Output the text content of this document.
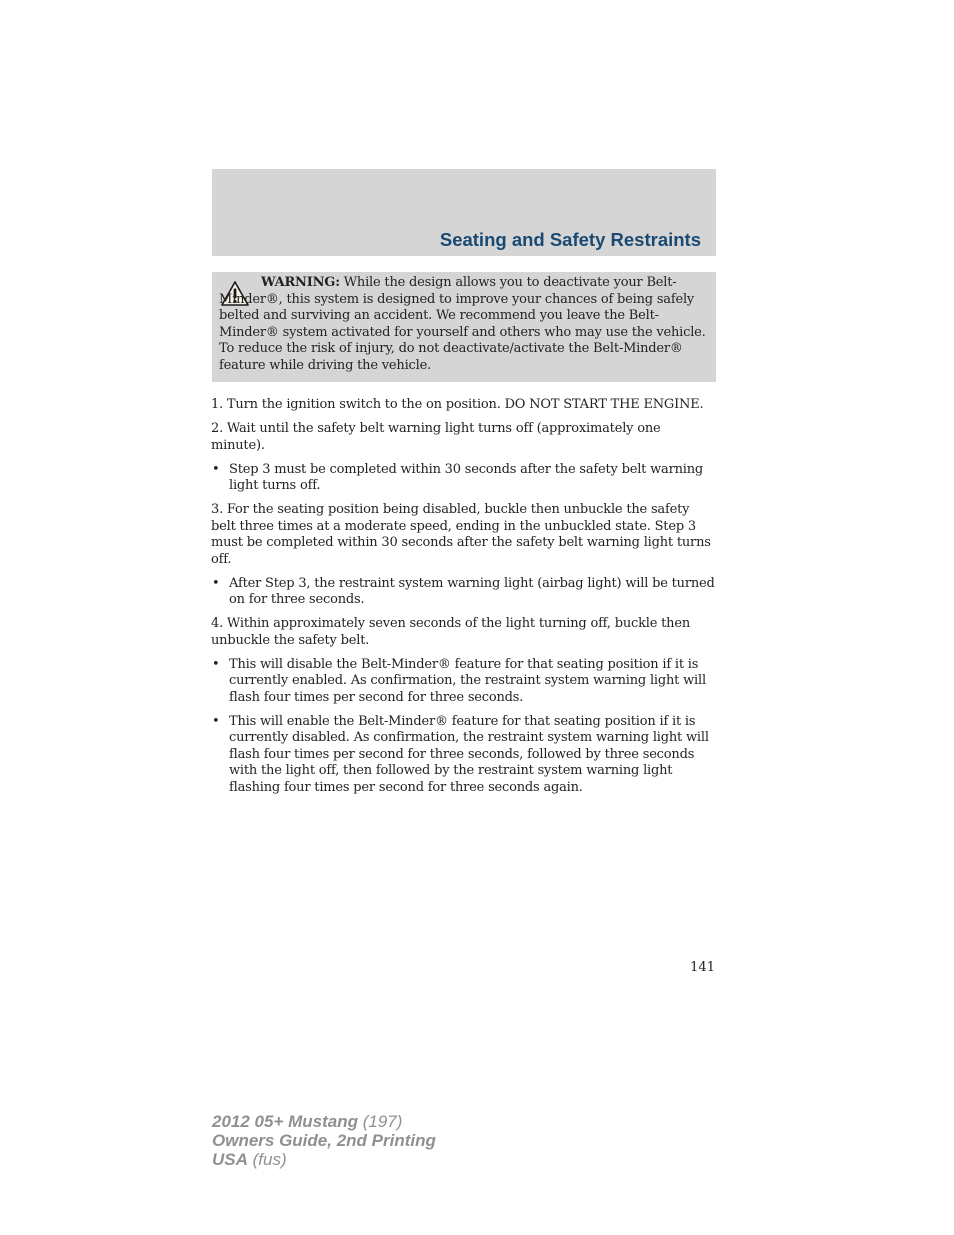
Seating and Safety Restraints

WARNING: While the design allows you to deactivate your Belt-Minder®, this system is designed to improve your chances of being safely belted and surviving an accident. We recommend you leave the Belt-Minder® system activated for yourself and others who may use the vehicle. To reduce the risk of injury, do not deactivate/activate the Belt-Minder® feature while driving the vehicle.

1. Turn the ignition switch to the on position. DO NOT START THE ENGINE.

2. Wait until the safety belt warning light turns off (approximately one minute).

• Step 3 must be completed within 30 seconds after the safety belt warning light turns off.

3. For the seating position being disabled, buckle then unbuckle the safety belt three times at a moderate speed, ending in the unbuckled state. Step 3 must be completed within 30 seconds after the safety belt warning light turns off.

• After Step 3, the restraint system warning light (airbag light) will be turned on for three seconds.

4. Within approximately seven seconds of the light turning off, buckle then unbuckle the safety belt.

• This will disable the Belt-Minder® feature for that seating position if it is currently enabled. As confirmation, the restraint system warning light will flash four times per second for three seconds.
• This will enable the Belt-Minder® feature for that seating position if it is currently disabled. As confirmation, the restraint system warning light will flash four times per second for three seconds, followed by three seconds with the light off, then followed by the restraint system warning light flashing four times per second for three seconds again.
141
2012 05+ Mustang (197)
Owners Guide, 2nd Printing
USA (fus)
